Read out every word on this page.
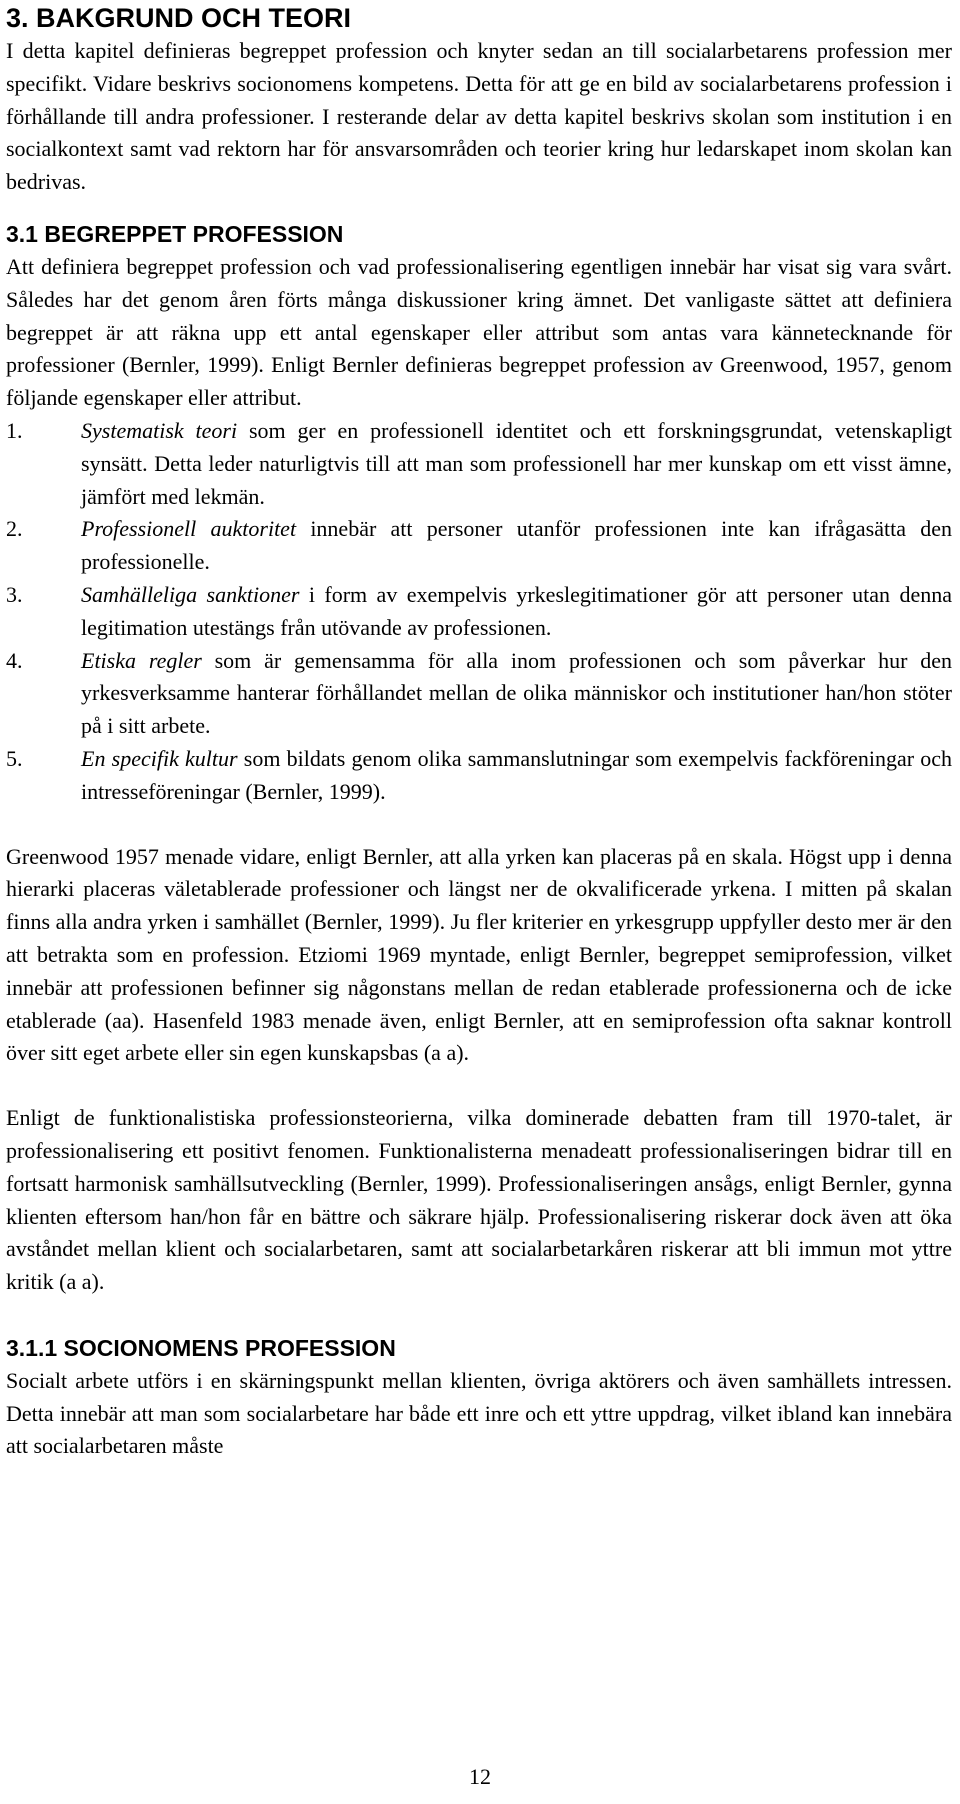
3. BAKGRUND OCH TEORI

I detta kapitel definieras begreppet profession och knyter sedan an till socialarbetarens profession mer specifikt. Vidare beskrivs socionomens kompetens. Detta för att ge en bild av socialarbetarens profession i förhållande till andra professioner. I resterande delar av detta kapitel beskrivs skolan som institution i en socialkontext samt vad rektorn har för ansvarsområden och teorier kring hur ledarskapet inom skolan kan bedrivas.

3.1 BEGREPPET PROFESSION

Att definiera begreppet profession och vad professionalisering egentligen innebär har visat sig vara svårt. Således har det genom åren förts många diskussioner kring ämnet. Det vanligaste sättet att definiera begreppet är att räkna upp ett antal egenskaper eller attribut som antas vara kännetecknande för professioner (Bernler, 1999). Enligt Bernler definieras begreppet profession av Greenwood, 1957, genom följande egenskaper eller attribut.

1.	Systematisk teori som ger en professionell identitet och ett forskningsgrundat, vetenskapligt synsätt. Detta leder naturligtvis till att man som professionell har mer kunskap om ett visst ämne, jämfört med lekmän.
2.	Professionell auktoritet innebär att personer utanför professionen inte kan ifrågasätta den professionelle.
3.	Samhälleliga sanktioner i form av exempelvis yrkeslegitimationer gör att personer utan denna legitimation utestängs från utövande av professionen.
4.	Etiska regler som är gemensamma för alla inom professionen och som påverkar hur den yrkesverksamme hanterar förhållandet mellan de olika människor och institutioner han/hon stöter på i sitt arbete.
5.	En specifik kultur som bildats genom olika sammanslutningar som exempelvis fackföreningar och intresseföreningar (Bernler, 1999).

Greenwood 1957 menade vidare, enligt Bernler, att alla yrken kan placeras på en skala. Högst upp i denna hierarki placeras väletablerade professioner och längst ner de okvalificerade yrkena. I mitten på skalan finns alla andra yrken i samhället (Bernler, 1999). Ju fler kriterier en yrkesgrupp uppfyller desto mer är den att betrakta som en profession. Etziomi 1969 myntade, enligt Bernler, begreppet semiprofession, vilket innebär att professionen befinner sig någonstans mellan de redan etablerade professionerna och de icke etablerade (aa). Hasenfeld 1983 menade även, enligt Bernler, att en semiprofession ofta saknar kontroll över sitt eget arbete eller sin egen kunskapsbas (a a).

Enligt de funktionalistiska professionsteorierna, vilka dominerade debatten fram till 1970-talet, är professionalisering ett positivt fenomen. Funktionalisterna menadeatt professionaliseringen bidrar till en fortsatt harmonisk samhällsutveckling (Bernler, 1999). Professionaliseringen ansågs, enligt Bernler, gynna klienten eftersom han/hon får en bättre och säkrare hjälp. Professionalisering riskerar dock även att öka avståndet mellan klient och socialarbetaren, samt att socialarbetarkåren riskerar att bli immun mot yttre kritik (a a).

3.1.1 SOCIONOMENS PROFESSION

Socialt arbete utförs i en skärningspunkt mellan klienten, övriga aktörers och även samhällets intressen. Detta innebär att man som socialarbetare har både ett inre och ett yttre uppdrag, vilket ibland kan innebära att socialarbetaren måste

12
